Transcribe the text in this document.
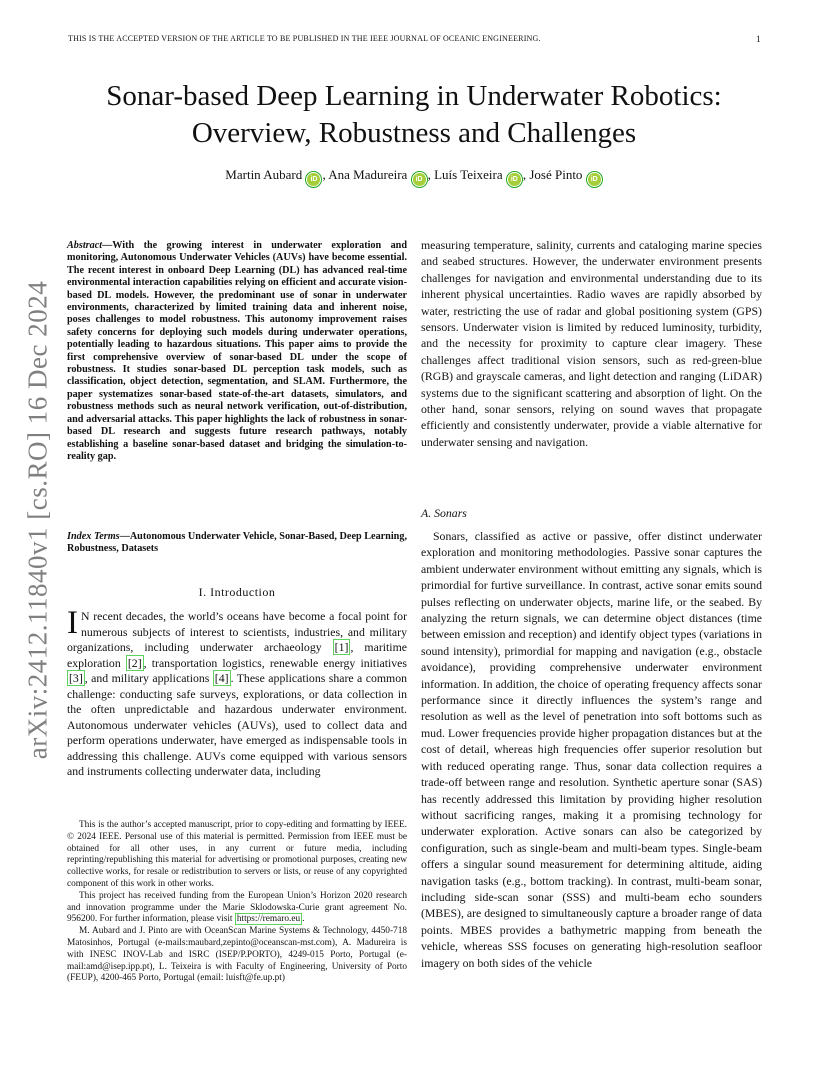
THIS IS THE ACCEPTED VERSION OF THE ARTICLE TO BE PUBLISHED IN THE IEEE JOURNAL OF OCEANIC ENGINEERING.	1
arXiv:2412.11840v1 [cs.RO] 16 Dec 2024
Sonar-based Deep Learning in Underwater Robotics: Overview, Robustness and Challenges
Martin Aubard iD , Ana Madureira iD , Luís Teixeira iD , José Pinto iD
Abstract—With the growing interest in underwater exploration and monitoring, Autonomous Underwater Vehicles (AUVs) have become essential. The recent interest in onboard Deep Learning (DL) has advanced real-time environmental interaction capabilities relying on efficient and accurate vision-based DL models. However, the predominant use of sonar in underwater environments, characterized by limited training data and inherent noise, poses challenges to model robustness. This autonomy improvement raises safety concerns for deploying such models during underwater operations, potentially leading to hazardous situations. This paper aims to provide the first comprehensive overview of sonar-based DL under the scope of robustness. It studies sonar-based DL perception task models, such as classification, object detection, segmentation, and SLAM. Furthermore, the paper systematizes sonar-based state-of-the-art datasets, simulators, and robustness methods such as neural network verification, out-of-distribution, and adversarial attacks. This paper highlights the lack of robustness in sonar-based DL research and suggests future research pathways, notably establishing a baseline sonar-based dataset and bridging the simulation-to-reality gap.
Index Terms—Autonomous Underwater Vehicle, Sonar-Based, Deep Learning, Robustness, Datasets
I. Introduction
I N recent decades, the world’s oceans have become a focal point for numerous subjects of interest to scientists, industries, and military organizations, including underwater archaeology [1] , maritime exploration [2] , transportation logistics, renewable energy initiatives [3] , and military applications [4] . These applications share a common challenge: conducting safe surveys, explorations, or data collection in the often unpredictable and hazardous underwater environment. Autonomous underwater vehicles (AUVs), used to collect data and perform operations underwater, have emerged as indispensable tools in addressing this challenge. AUVs come equipped with various sensors and instruments collecting underwater data, including

This is the author’s accepted manuscript, prior to copy-editing and formatting by IEEE. © 2024 IEEE. Personal use of this material is permitted. Permission from IEEE must be obtained for all other uses, in any current or future media, including reprinting/republishing this material for advertising or promotional purposes, creating new collective works, for resale or redistribution to servers or lists, or reuse of any copyrighted component of this work in other works.

This project has received funding from the European Union’s Horizon 2020 research and innovation programme under the Marie Sklodowska-Curie grant agreement No. 956200. For further information, please visit https://remaro.eu .

M. Aubard and J. Pinto are with OceanScan Marine Systems & Technology, 4450-718 Matosinhos, Portugal (e-mails:maubard,zepinto@oceanscan-mst.com), A. Madureira is with INESC INOV-Lab and ISRC (ISEP/P.PORTO), 4249-015 Porto, Portugal (e-mail:amd@isep.ipp.pt), L. Teixeira is with Faculty of Engineering, University of Porto (FEUP), 4200-465 Porto, Portugal (email: luisft@fe.up.pt)

measuring temperature, salinity, currents and cataloging marine species and seabed structures. However, the underwater environment presents challenges for navigation and environmental understanding due to its inherent physical uncertainties. Radio waves are rapidly absorbed by water, restricting the use of radar and global positioning system (GPS) sensors. Underwater vision is limited by reduced luminosity, turbidity, and the necessity for proximity to capture clear imagery. These challenges affect traditional vision sensors, such as red-green-blue (RGB) and grayscale cameras, and light detection and ranging (LiDAR) systems due to the significant scattering and absorption of light. On the other hand, sonar sensors, relying on sound waves that propagate efficiently and consistently underwater, provide a viable alternative for underwater sensing and navigation.

A. Sonars

Sonars, classified as active or passive, offer distinct underwater exploration and monitoring methodologies. Passive sonar captures the ambient underwater environment without emitting any signals, which is primordial for furtive surveillance. In contrast, active sonar emits sound pulses reflecting on underwater objects, marine life, or the seabed. By analyzing the return signals, we can determine object distances (time between emission and reception) and identify object types (variations in sound intensity), primordial for mapping and navigation (e.g., obstacle avoidance), providing comprehensive underwater environment information. In addition, the choice of operating frequency affects sonar performance since it directly influences the system’s range and resolution as well as the level of penetration into soft bottoms such as mud. Lower frequencies provide higher propagation distances but at the cost of detail, whereas high frequencies offer superior resolution but with reduced operating range. Thus, sonar data collection requires a trade-off between range and resolution. Synthetic aperture sonar (SAS) has recently addressed this limitation by providing higher resolution without sacrificing ranges, making it a promising technology for underwater exploration. Active sonars can also be categorized by configuration, such as single-beam and multi-beam types. Single-beam offers a singular sound measurement for determining altitude, aiding navigation tasks (e.g., bottom tracking). In contrast, multi-beam sonar, including side-scan sonar (SSS) and multi-beam echo sounders (MBES), are designed to simultaneously capture a broader range of data points. MBES provides a bathymetric mapping from beneath the vehicle, whereas SSS focuses on generating high-resolution seafloor imagery on both sides of the vehicle
